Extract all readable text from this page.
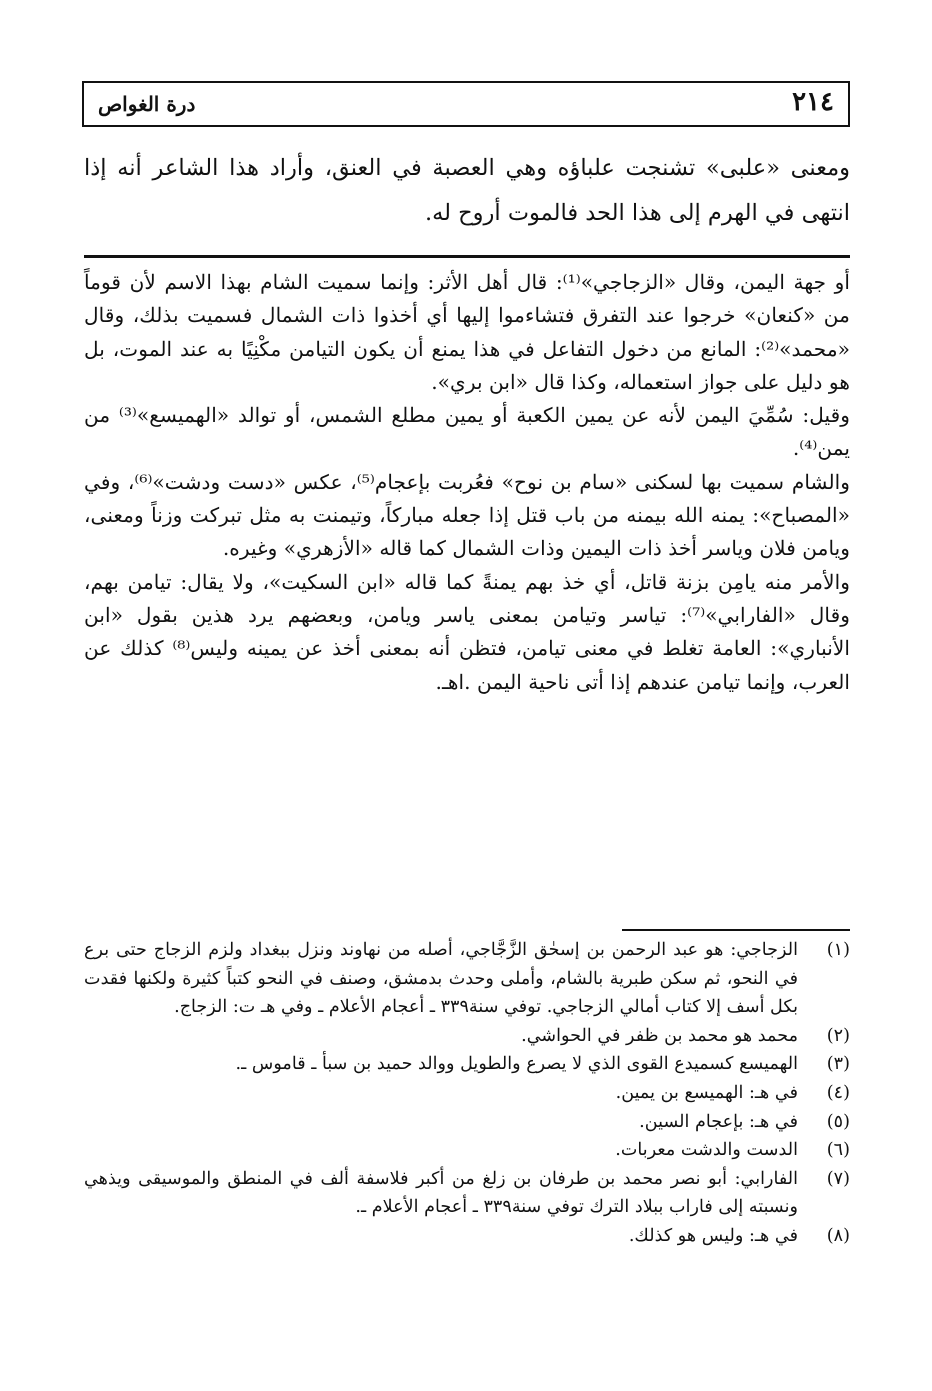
٢١٤
درة الغواص
ومعنى «علبى» تشنجت علباؤه وهي العصبة في العنق، وأراد هذا الشاعر أنه إذا انتهى في الهرم إلى هذا الحد فالموت أروح له.

أو جهة اليمن، وقال «الزجاجي»⁽¹⁾: قال أهل الأثر: وإنما سميت الشام بهذا الاسم لأن قوماً من «كنعان» خرجوا عند التفرق فتشاءموا إليها أي أخذوا ذات الشمال فسميت بذلك، وقال «محمد»⁽²⁾: المانع من دخول التفاعل في هذا يمنع أن يكون التيامن مكْنِيًا به عند الموت، بل هو دليل على جواز استعماله، وكذا قال «ابن بري».

وقيل: سُمِّيَ اليمن لأنه عن يمين الكعبة أو يمين مطلع الشمس، أو توالد «الهميسع»⁽³⁾ من يمن⁽⁴⁾.

والشام سميت بها لسكنى «سام بن نوح» فعُربت بإعجام⁽⁵⁾، عكس «دست ودشت»⁽⁶⁾، وفي «المصباح»: يمنه الله بيمنه من باب قتل إذا جعله مباركاً، وتيمنت به مثل تبركت وزناً ومعنى، ويامن فلان وياسر أخذ ذات اليمين وذات الشمال كما قاله «الأزهري» وغيره.

والأمر منه يامِن بزنة قاتل، أي خذ بهم يمنةً كما قاله «ابن السكيت»، ولا يقال: تيامن بهم، وقال «الفارابي»⁽⁷⁾: تياسر وتيامن بمعنى ياسر ويامن، وبعضهم يرد هذين بقول «ابن الأنباري»: العامة تغلط في معنى تيامن، فتظن أنه بمعنى أخذ عن يمينه وليس⁽⁸⁾ كذلك عن العرب، وإنما تيامن عندهم إذا أتى ناحية اليمن .اهـ.

(١)
الزجاجي: هو عبد الرحمن بن إسحٰق الزَّجَّاجي، أصله من نهاوند ونزل ببغداد ولزم الزجاج حتى برع في النحو، ثم سكن طبرية بالشام، وأملى وحدث بدمشق، وصنف في النحو كتباً كثيرة ولكنها فقدت بكل أسف إلا كتاب أمالي الزجاجي. توفي سنة٣٣٩ ـ أعجام الأعلام ـ وفي هـ ت: الزجاج.
(٢)
محمد هو محمد بن ظفر في الحواشي.
(٣)
الهميسع كسميدع القوى الذي لا يصرع والطويل ووالد حميد بن سبأ ـ قاموس ـ.
(٤)
في هـ: الهميسع بن يمين.
(٥)
في هـ: بإعجام السين.
(٦)
الدست والدشت معربات.
(٧)
الفارابي: أبو نصر محمد بن طرفان بن زلغ من أكبر فلاسفة ألف في المنطق والموسيقى ويذهي ونسبته إلى فاراب ببلاد الترك توفي سنة٣٣٩ ـ أعجام الأعلام ـ.
(٨)
في هـ: وليس هو كذلك.
